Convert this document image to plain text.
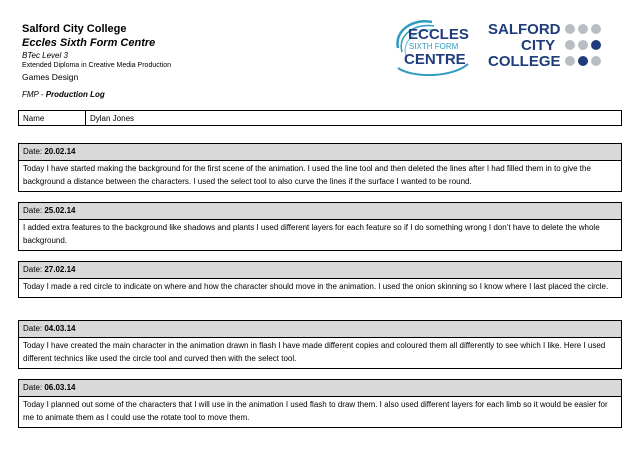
Salford City College
Eccles Sixth Form Centre
BTec Level 3
Extended Diploma in Creative Media Production
Games Design
FMP - Production Log
ECCLES
SIXTH FORM
CENTRE
SALFORD
CITY
COLLEGE
Name	Dylan Jones
Date: 20.02.14
Today I have started making the background for the first scene of the animation. I used the line tool and then deleted the lines after I had filled them in to give the background a distance between the characters. I used the select tool to also curve the lines if the surface I wanted to be round.
Date: 25.02.14
I added extra features to the background like shadows and plants I used different layers for each feature so if I do something wrong I don’t have to delete the whole background.
Date: 27.02.14
Today I made a red circle to indicate on where and how the character should move in the animation. I used the onion skinning so I know where I last placed the circle.
Date: 04.03.14
Today I have created the main character in the animation drawn in flash I have made different copies and coloured them all differently to see which I like. Here I used different technics like used the circle tool and curved then with the select tool.
Date: 06.03.14
Today I planned out some of the characters that I will use in the animation I used flash to draw them. I also used different layers for each limb so it would be easier for me to animate them as I could use the rotate tool to move them.
